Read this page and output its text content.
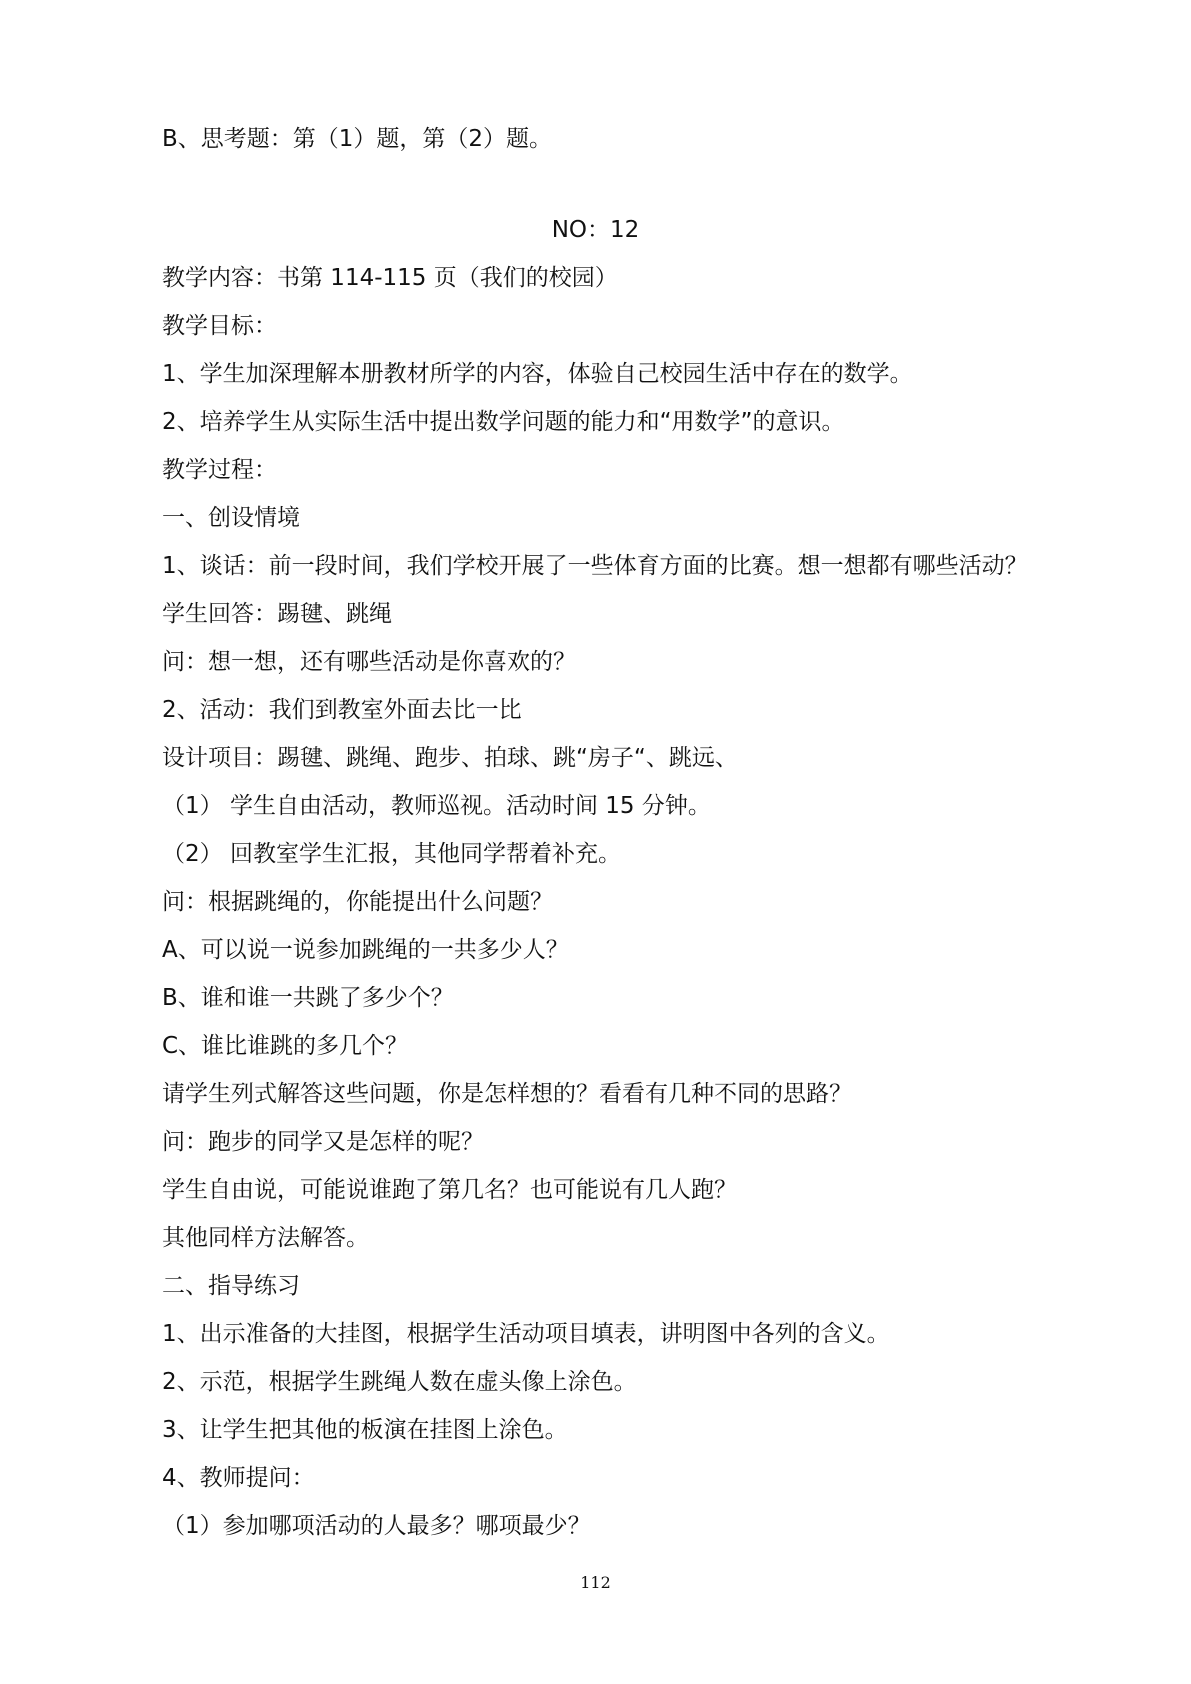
B、思考题：第（1）题，第（2）题。
NO：12
教学内容：书第 114-115 页（我们的校园）
教学目标：
1、学生加深理解本册教材所学的内容，体验自己校园生活中存在的数学。
2、培养学生从实际生活中提出数学问题的能力和“用数学”的意识。
教学过程：
一、创设情境
1、谈话：前一段时间，我们学校开展了一些体育方面的比赛。想一想都有哪些活动？
学生回答：踢毽、跳绳
问：想一想，还有哪些活动是你喜欢的？
2、活动：我们到教室外面去比一比
设计项目：踢毽、跳绳、跑步、拍球、跳“房子“、跳远、
（1） 学生自由活动，教师巡视。活动时间 15 分钟。
（2） 回教室学生汇报，其他同学帮着补充。
问：根据跳绳的，你能提出什么问题？
A、可以说一说参加跳绳的一共多少人？
B、谁和谁一共跳了多少个？
C、谁比谁跳的多几个？
请学生列式解答这些问题，你是怎样想的？看看有几种不同的思路？
问：跑步的同学又是怎样的呢？
学生自由说，可能说谁跑了第几名？也可能说有几人跑？
其他同样方法解答。
二、指导练习
1、出示准备的大挂图，根据学生活动项目填表，讲明图中各列的含义。
2、示范，根据学生跳绳人数在虚头像上涂色。
3、让学生把其他的板演在挂图上涂色。
4、教师提问：
（1）参加哪项活动的人最多？哪项最少？
112
